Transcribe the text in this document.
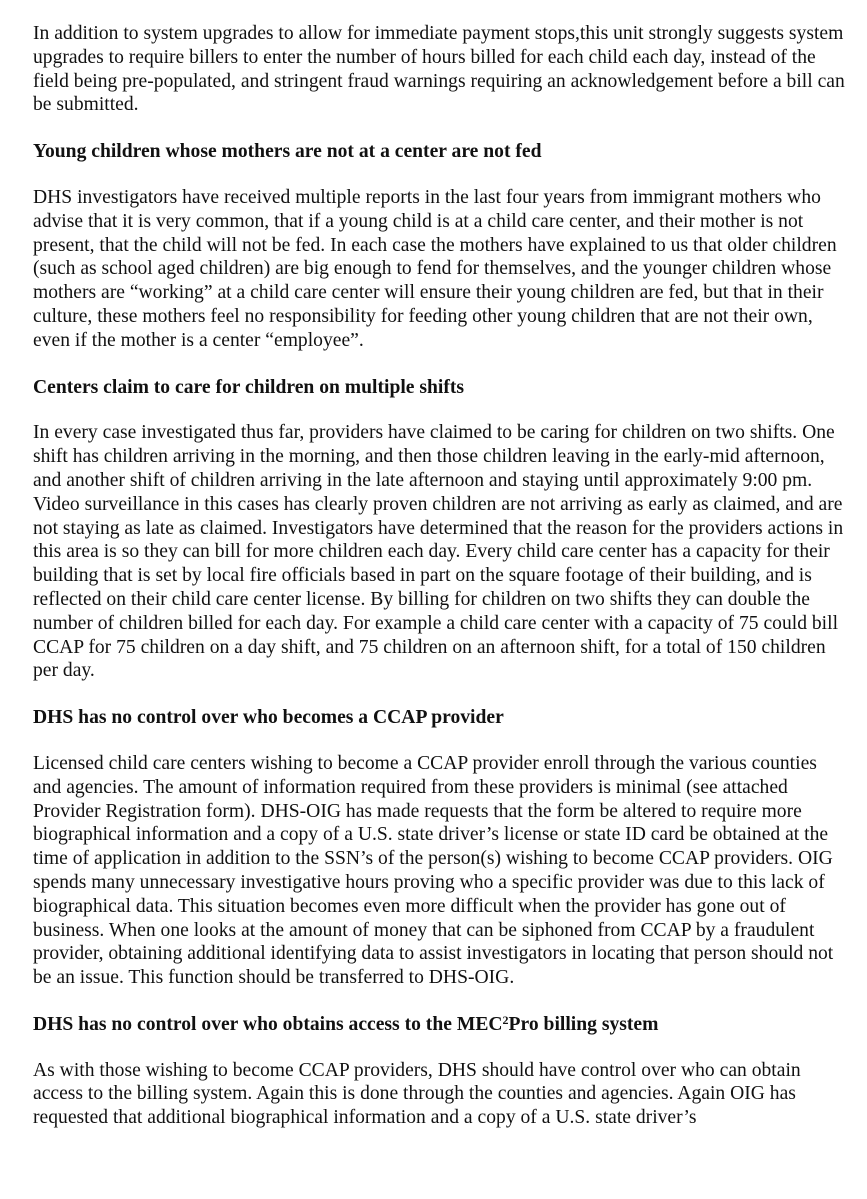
In addition to system upgrades to allow for immediate payment stops,this unit strongly suggests system upgrades to require billers to enter the number of hours billed for each child each day, instead of the field being pre-populated, and stringent fraud warnings requiring an acknowledgement before a bill can be submitted.

Young children whose mothers are not at a center are not fed

DHS investigators have received multiple reports in the last four years from immigrant mothers who advise that it is very common, that if a young child is at a child care center, and their mother is not present, that the child will not be fed. In each case the mothers have explained to us that older children (such as school aged children) are big enough to fend for themselves, and the younger children whose mothers are “working” at a child care center will ensure their young children are fed, but that in their culture, these mothers feel no responsibility for feeding other young children that are not their own, even if the mother is a center “employee”.

Centers claim to care for children on multiple shifts

In every case investigated thus far, providers have claimed to be caring for children on two shifts. One shift has children arriving in the morning, and then those children leaving in the early-mid afternoon, and another shift of children arriving in the late afternoon and staying until approximately 9:00 pm. Video surveillance in this cases has clearly proven children are not arriving as early as claimed, and are not staying as late as claimed. Investigators have determined that the reason for the providers actions in this area is so they can bill for more children each day. Every child care center has a capacity for their building that is set by local fire officials based in part on the square footage of their building, and is reflected on their child care center license. By billing for children on two shifts they can double the number of children billed for each day. For example a child care center with a capacity of 75 could bill CCAP for 75 children on a day shift, and 75 children on an afternoon shift, for a total of 150 children per day.

DHS has no control over who becomes a CCAP provider

Licensed child care centers wishing to become a CCAP provider enroll through the various counties and agencies. The amount of information required from these providers is minimal (see attached Provider Registration form). DHS-OIG has made requests that the form be altered to require more biographical information and a copy of a U.S. state driver’s license or state ID card be obtained at the time of application in addition to the SSN’s of the person(s) wishing to become CCAP providers. OIG spends many unnecessary investigative hours proving who a specific provider was due to this lack of biographical data. This situation becomes even more difficult when the provider has gone out of business. When one looks at the amount of money that can be siphoned from CCAP by a fraudulent provider, obtaining additional identifying data to assist investigators in locating that person should not be an issue. This function should be transferred to DHS-OIG.

DHS has no control over who obtains access to the MEC$^2$Pro billing system

As with those wishing to become CCAP providers, DHS should have control over who can obtain access to the billing system. Again this is done through the counties and agencies. Again OIG has requested that additional biographical information and a copy of a U.S. state driver’s
